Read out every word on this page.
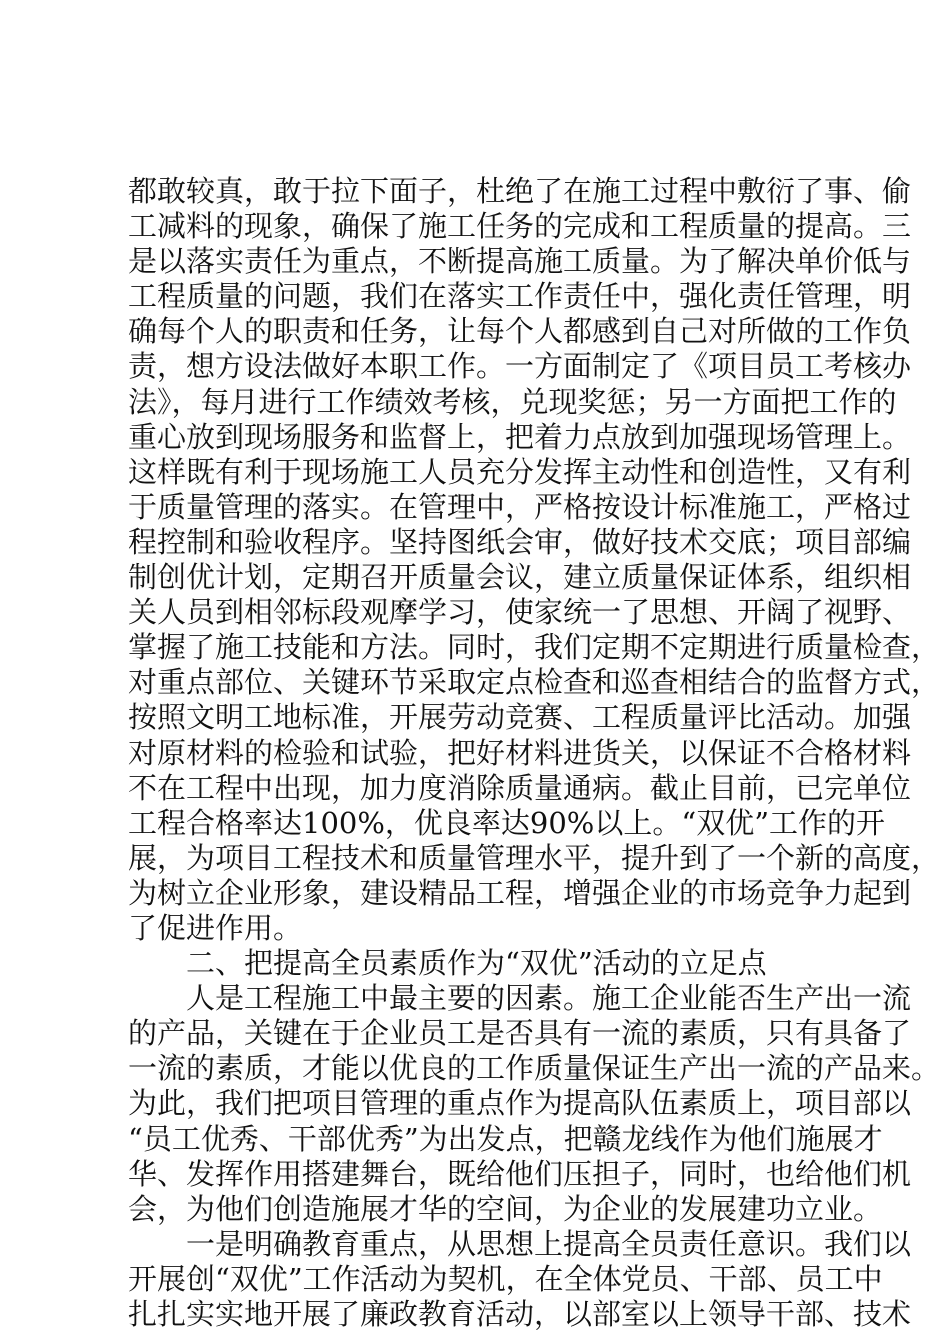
都敢较真，敢于拉下面子，杜绝了在施工过程中敷衍了事、偷
工减料的现象，确保了施工任务的完成和工程质量的提高。三
是以落实责任为重点，不断提高施工质量。为了解决单价低与
工程质量的问题，我们在落实工作责任中，强化责任管理，明
确每个人的职责和任务，让每个人都感到自己对所做的工作负
责，想方设法做好本职工作。一方面制定了《项目员工考核办
法》，每月进行工作绩效考核，兑现奖惩；另一方面把工作的
重心放到现场服务和监督上，把着力点放到加强现场管理上。
这样既有利于现场施工人员充分发挥主动性和创造性，又有利
于质量管理的落实。在管理中，严格按设计标准施工，严格过
程控制和验收程序。坚持图纸会审，做好技术交底；项目部编
制创优计划，定期召开质量会议，建立质量保证体系，组织相
关人员到相邻标段观摩学习，使家统一了思想、开阔了视野、
掌握了施工技能和方法。同时，我们定期不定期进行质量检查，
对重点部位、关键环节采取定点检查和巡查相结合的监督方式，
按照文明工地标准，开展劳动竞赛、工程质量评比活动。加强
对原材料的检验和试验，把好材料进货关，以保证不合格材料
不在工程中出现，加力度消除质量通病。截止目前，已完单位
工程合格率达100%，优良率达90%以上。“双优”工作的开
展，为项目工程技术和质量管理水平，提升到了一个新的高度，
为树立企业形象，建设精品工程，增强企业的市场竞争力起到
了促进作用。
二、把提高全员素质作为“双优”活动的立足点
人是工程施工中最主要的因素。施工企业能否生产出一流
的产品，关键在于企业员工是否具有一流的素质，只有具备了
一流的素质，才能以优良的工作质量保证生产出一流的产品来。
为此，我们把项目管理的重点作为提高队伍素质上，项目部以
“员工优秀、干部优秀”为出发点，把赣龙线作为他们施展才
华、发挥作用搭建舞台，既给他们压担子，同时，也给他们机
会，为他们创造施展才华的空间，为企业的发展建功立业。
一是明确教育重点，从思想上提高全员责任意识。我们以
开展创“双优”工作活动为契机，在全体党员、干部、员工中
扎扎实实地开展了廉政教育活动，以部室以上领导干部、技术
